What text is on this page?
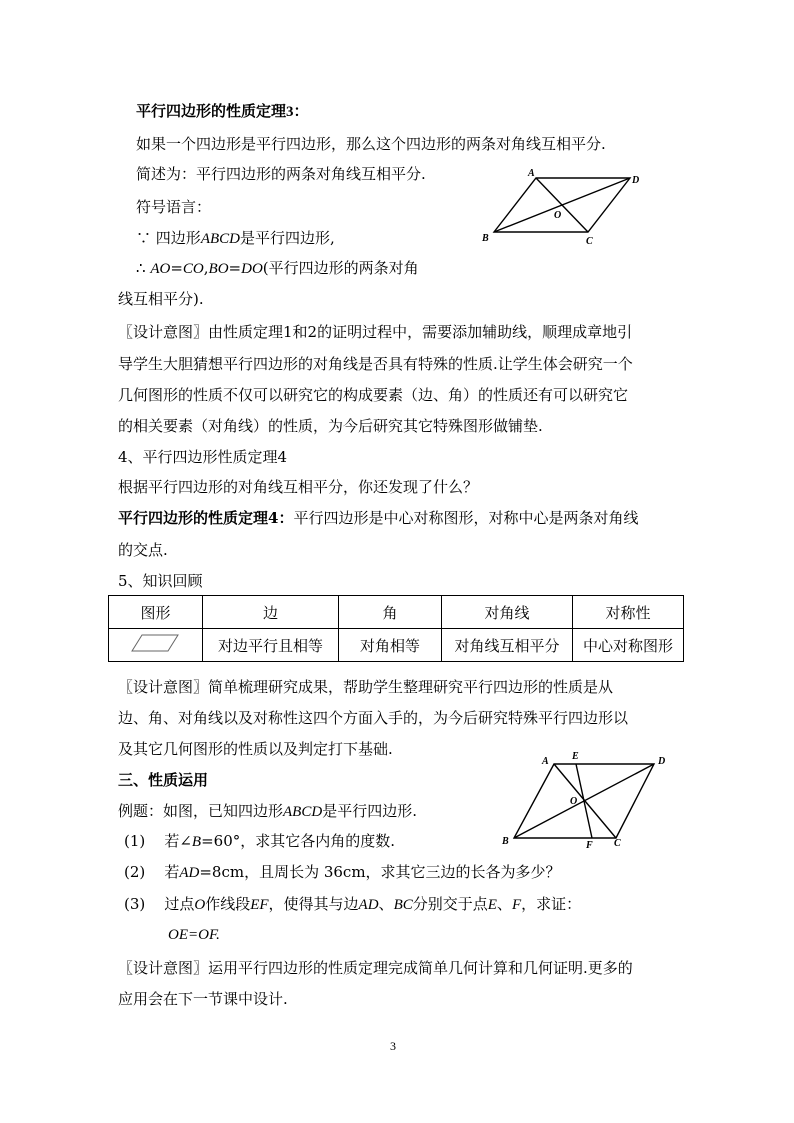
平行四边形的性质定理3：
如果一个四边形是平行四边形，那么这个四边形的两条对角线互相平分.
简述为：平行四边形的两条对角线互相平分.
符号语言：
∵ 四边形ABCD是平行四边形,
∴ AO=CO,BO=DO(平行四边形的两条对角
线互相平分).
A
D
B	C
O
〖设计意图〗由性质定理1和2的证明过程中，需要添加辅助线，顺理成章地引
导学生大胆猜想平行四边形的对角线是否具有特殊的性质.让学生体会研究一个
几何图形的性质不仅可以研究它的构成要素（边、角）的性质还有可以研究它
的相关要素（对角线）的性质，为今后研究其它特殊图形做铺垫.
4、平行四边形性质定理4
根据平行四边形的对角线互相平分，你还发现了什么？
平行四边形的性质定理4：平行四边形是中心对称图形，对称中心是两条对角线
的交点.
5、知识回顾
图形	边	角	对角线	对称性
	对边平行且相等	对角相等	对角线互相平分	中心对称图形
〖设计意图〗简单梳理研究成果，帮助学生整理研究平行四边形的性质是从
边、角、对角线以及对称性这四个方面入手的，为今后研究特殊平行四边形以
及其它几何图形的性质以及判定打下基础.
三、性质运用
例题：如图，已知四边形ABCD是平行四边形.
(1) 若∠B=60°，求其它各内角的度数.
(2) 若AD=8cm，且周长为 36cm，求其它三边的长各为多少？
(3) 过点O作线段EF，使得其与边AD、BC分别交于点E、F，求证：
OE=OF.
A E	D
O
B	F C
〖设计意图〗运用平行四边形的性质定理完成简单几何计算和几何证明.更多的
应用会在下一节课中设计.
3
